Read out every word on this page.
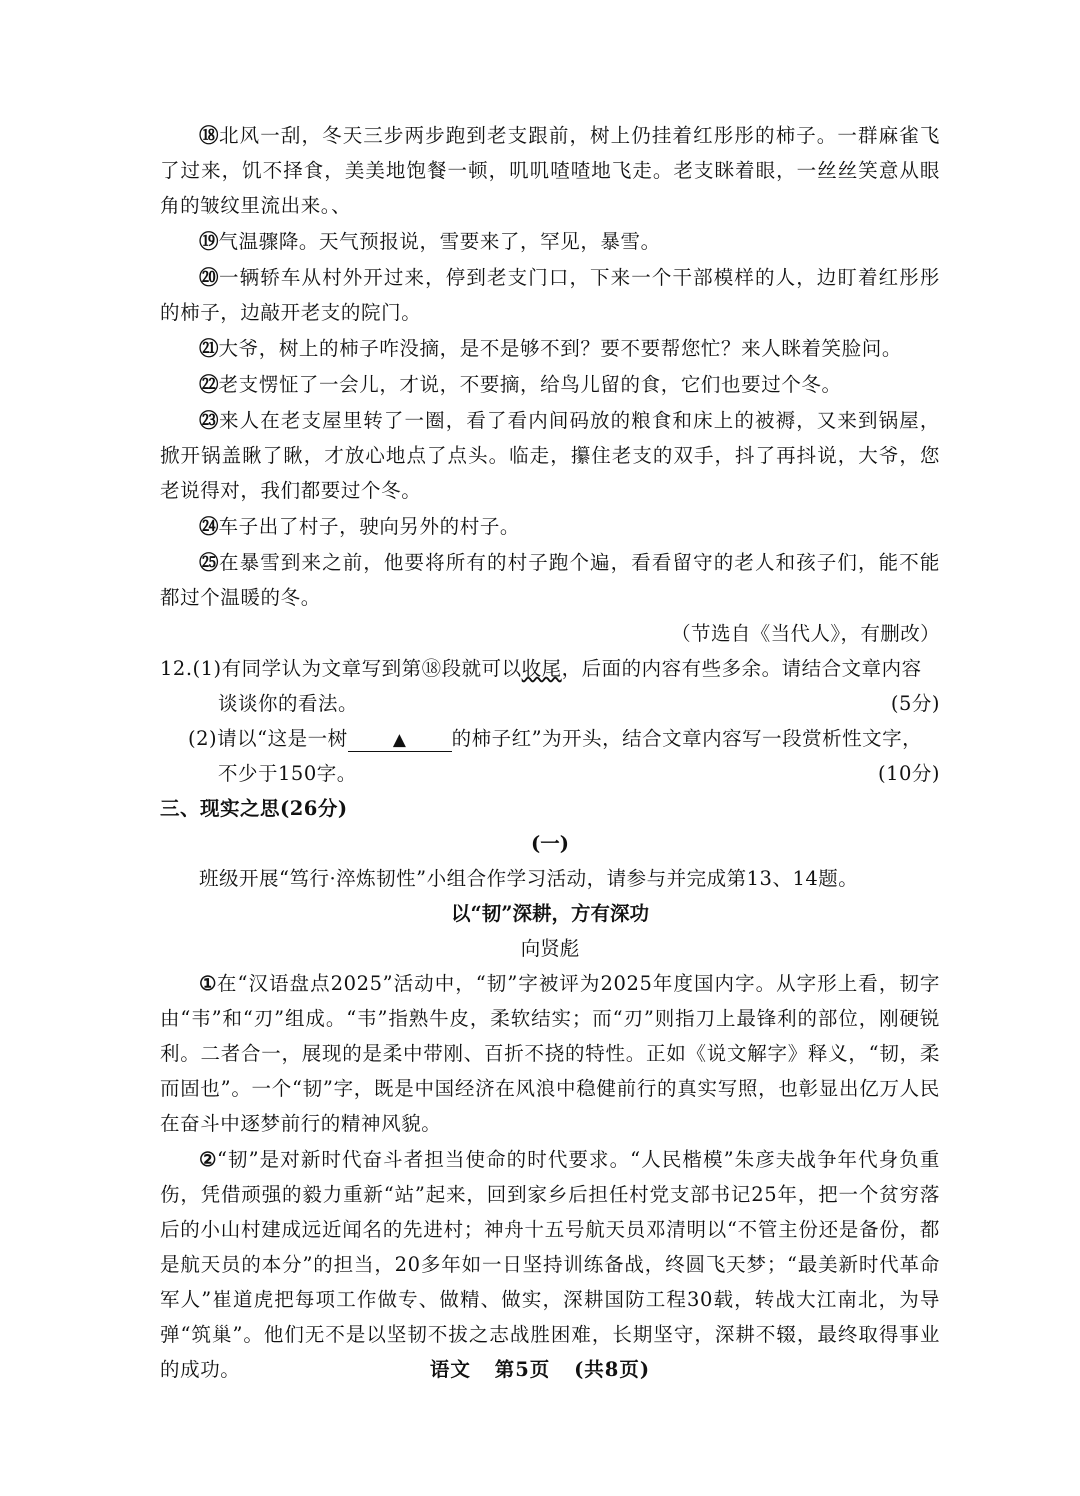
⑱北风一刮，冬天三步两步跑到老支跟前，树上仍挂着红彤彤的柿子。一群麻雀飞了过来，饥不择食，美美地饱餐一顿，叽叽喳喳地飞走。老支眯着眼，一丝丝笑意从眼角的皱纹里流出来。、

⑲气温骤降。天气预报说，雪要来了，罕见，暴雪。

⑳一辆轿车从村外开过来，停到老支门口，下来一个干部模样的人，边盯着红彤彤的柿子，边敲开老支的院门。

㉑大爷，树上的柿子咋没摘，是不是够不到？要不要帮您忙？来人眯着笑脸问。

㉒老支愣怔了一会儿，才说，不要摘，给鸟儿留的食，它们也要过个冬。

㉓来人在老支屋里转了一圈，看了看内间码放的粮食和床上的被褥，又来到锅屋，掀开锅盖瞅了瞅，才放心地点了点头。临走，攥住老支的双手，抖了再抖说，大爷，您老说得对，我们都要过个冬。

㉔车子出了村子，驶向另外的村子。

㉕在暴雪到来之前，他要将所有的村子跑个遍，看看留守的老人和孩子们，能不能都过个温暖的冬。

（节选自《当代人》，有删改）

12.(1)有同学认为文章写到第⑱段就可以收尾，后面的内容有些多余。请结合文章内容
谈谈你的看法。	(5分)
(2)请以“这是一树	▲ 的柿子红”为开头，结合文章内容写一段赏析性文字，
不少于150字。	(10分)

三、现实之思(26分)

(一)

班级开展“笃行·淬炼韧性”小组合作学习活动，请参与并完成第13、14题。

以“韧”深耕，方有深功

向贤彪

①在“汉语盘点2025”活动中，“韧”字被评为2025年度国内字。从字形上看，韧字由“韦”和“刃”组成。“韦”指熟牛皮，柔软结实；而“刃”则指刀上最锋利的部位，刚硬锐利。二者合一，展现的是柔中带刚、百折不挠的特性。正如《说文解字》释义，“韧，柔而固也”。一个“韧”字，既是中国经济在风浪中稳健前行的真实写照，也彰显出亿万人民在奋斗中逐梦前行的精神风貌。

②“韧”是对新时代奋斗者担当使命的时代要求。“人民楷模”朱彦夫战争年代身负重伤，凭借顽强的毅力重新“站”起来，回到家乡后担任村党支部书记25年，把一个贫穷落后的小山村建成远近闻名的先进村；神舟十五号航天员邓清明以“不管主份还是备份，都是航天员的本分”的担当，20多年如一日坚持训练备战，终圆飞天梦；“最美新时代革命军人”崔道虎把每项工作做专、做精、做实，深耕国防工程30载，转战大江南北，为导弹“筑巢”。他们无不是以坚韧不拔之志战胜困难，长期坚守，深耕不辍，最终取得事业的成功。	语文 第5页 (共8页)
